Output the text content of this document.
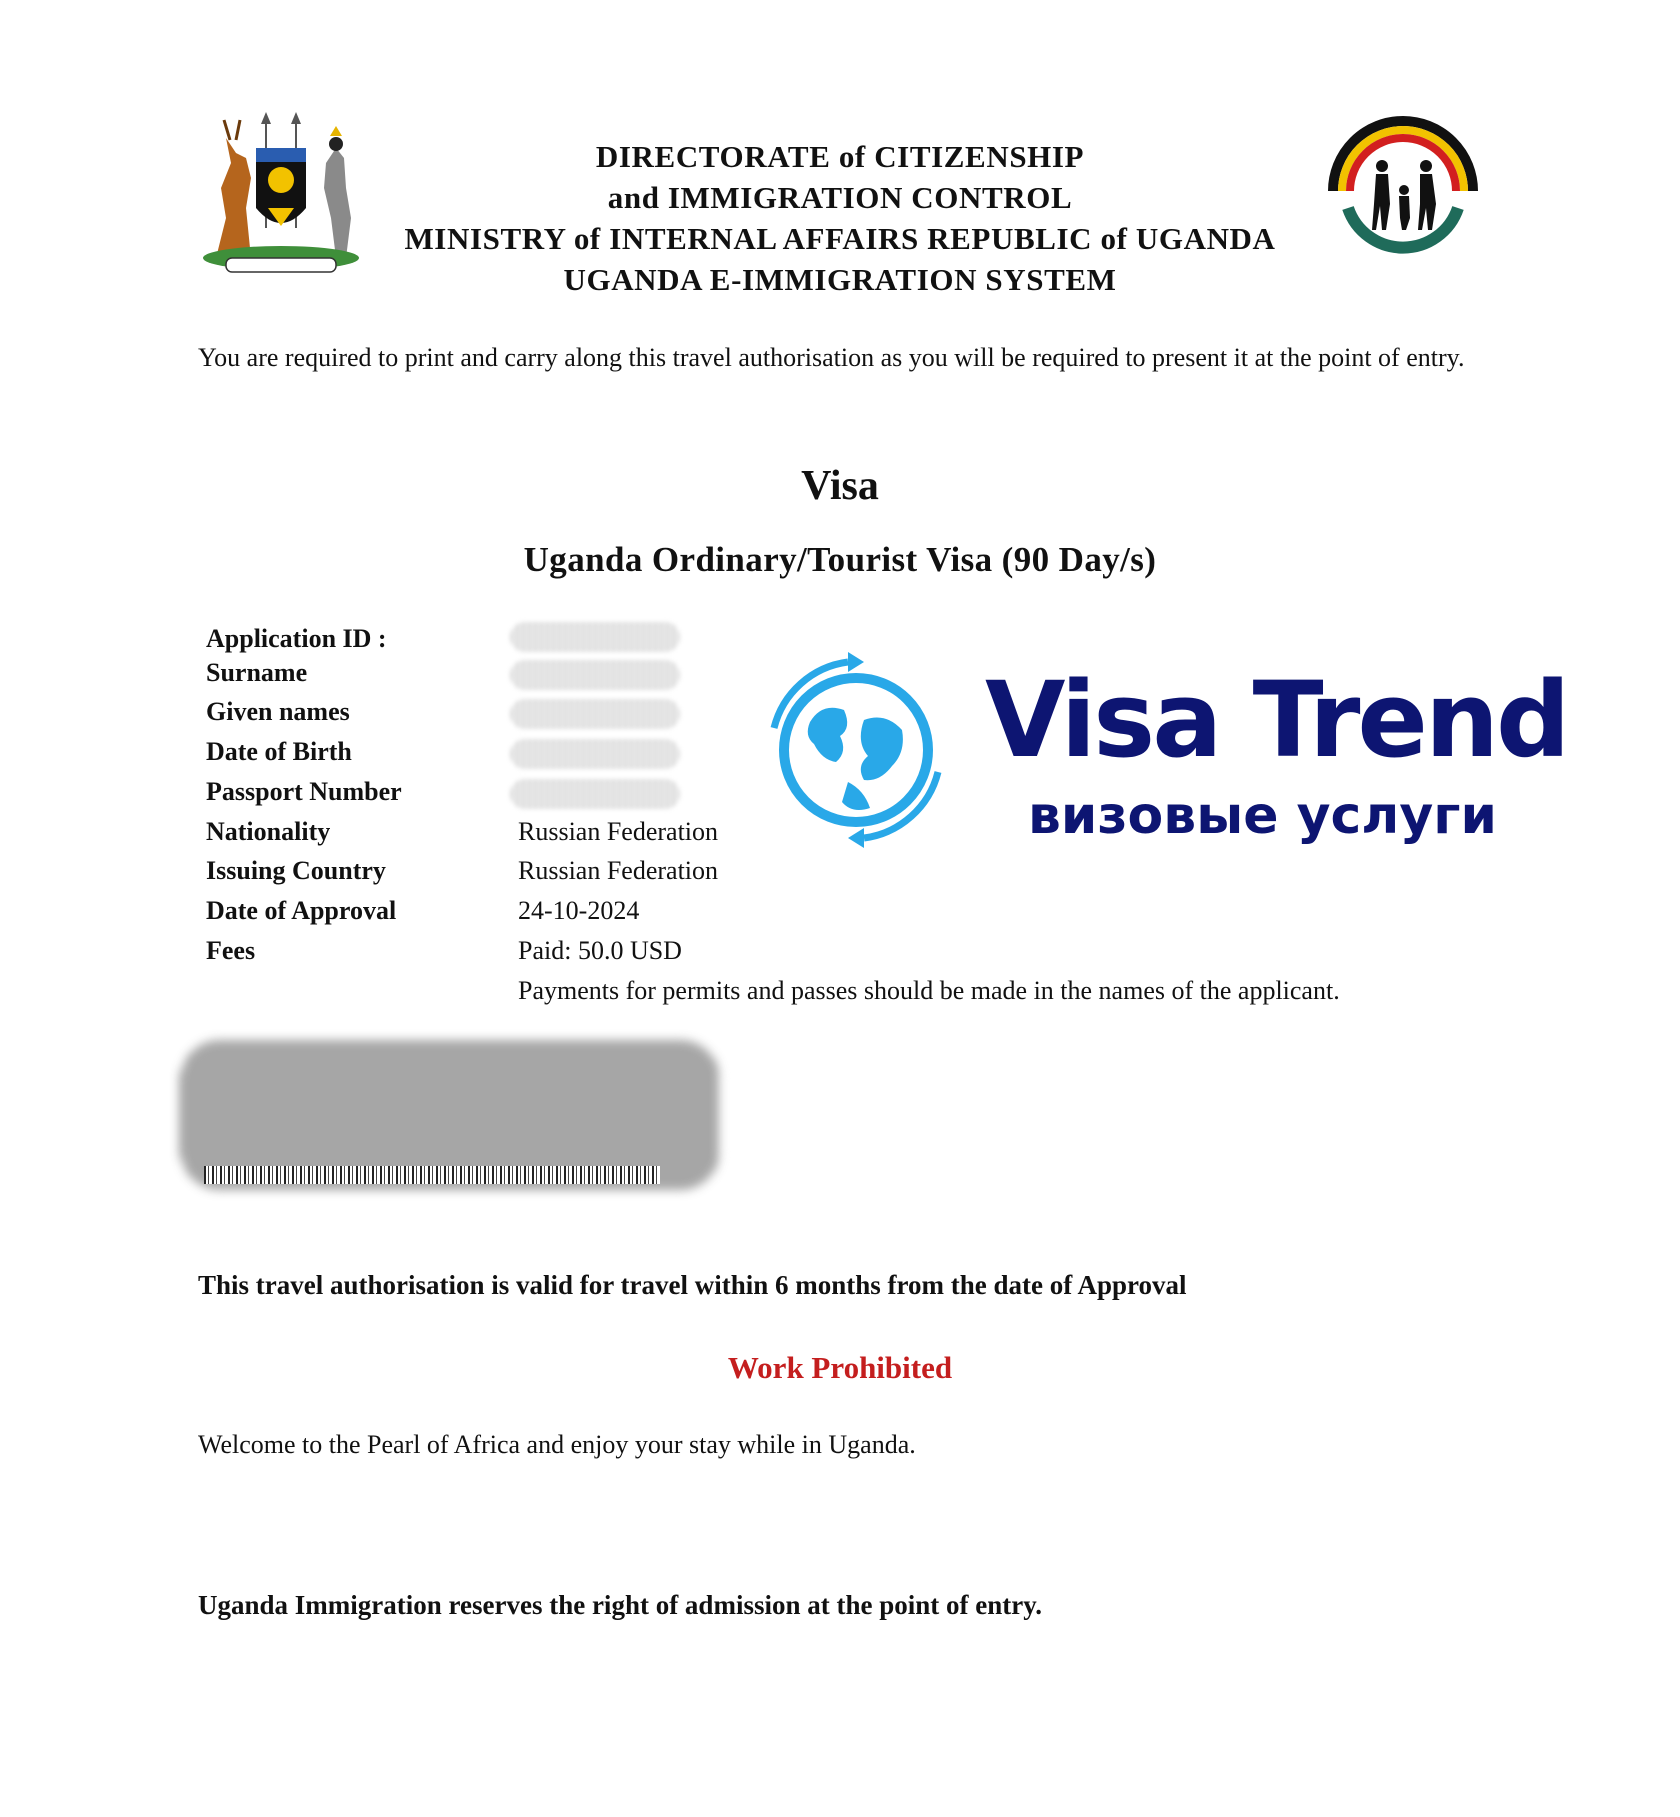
DIRECTORATE of CITIZENSHIP
and IMMIGRATION CONTROL
MINISTRY of INTERNAL AFFAIRS REPUBLIC of UGANDA
UGANDA E-IMMIGRATION SYSTEM
You are required to print and carry along this travel authorisation as you will be required to present it at the point of entry.
Visa
Uganda Ordinary/Tourist Visa (90 Day/s)
Application ID :
Surname
Given names
Date of Birth
Passport Number
Nationality
Issuing Country
Date of Approval
Fees
Russian Federation
Russian Federation
24-10-2024
Paid: 50.0 USD
Payments for permits and passes should be made in the names of the applicant.
Visa Trend
визовые услуги
This travel authorisation is valid for travel within 6 months from the date of Approval
Work Prohibited
Welcome to the Pearl of Africa and enjoy your stay while in Uganda.
Uganda Immigration reserves the right of admission at the point of entry.
